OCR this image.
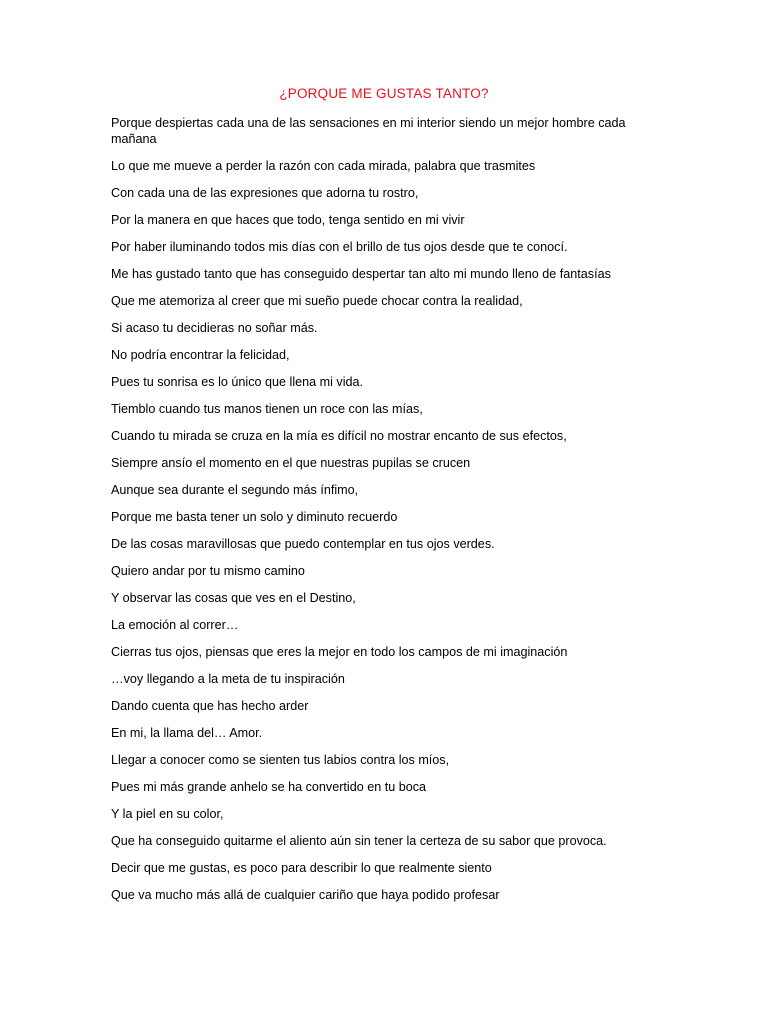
¿PORQUE ME GUSTAS TANTO?
Porque despiertas cada una de las sensaciones en mi interior siendo un mejor hombre cada mañana
Lo que me mueve a perder la razón con cada mirada, palabra que trasmites
Con cada una de las expresiones que adorna tu rostro,
Por la manera en que haces que todo, tenga sentido en mi vivir
Por haber iluminando todos mis días con el brillo de tus ojos desde que te conocí.
Me has gustado tanto que has conseguido despertar tan alto mi mundo lleno de fantasías
Que me atemoriza al creer que mi sueño puede chocar contra la realidad,
Si acaso tu decidieras no soñar más.
No podría encontrar la felicidad,
Pues tu sonrisa es lo único que llena mi vida.
Tiemblo cuando tus manos tienen un roce con las mías,
Cuando tu mirada se cruza en la mía es difícil no mostrar encanto de sus efectos,
Siempre ansío el momento en el que nuestras pupilas se crucen
Aunque sea durante el segundo más ínfimo,
Porque me basta tener un solo y diminuto recuerdo
De las cosas maravillosas que puedo contemplar en tus ojos verdes.
Quiero andar por tu mismo camino
Y observar las cosas que ves en el Destino,
La emoción al correr…
Cierras tus ojos, piensas que eres la mejor en todo los campos de mi imaginación
…voy llegando a la meta de tu inspiración
Dando cuenta que has hecho arder
En mi, la llama del… Amor.
Llegar a conocer como se sienten tus labios contra los míos,
Pues mi más grande anhelo se ha convertido en tu boca
Y la piel en su color,
Que ha conseguido quitarme el aliento aún sin tener la certeza de su sabor que provoca.
Decir que me gustas, es poco para describir lo que realmente siento
Que va mucho más allá de cualquier cariño que haya podido profesar
